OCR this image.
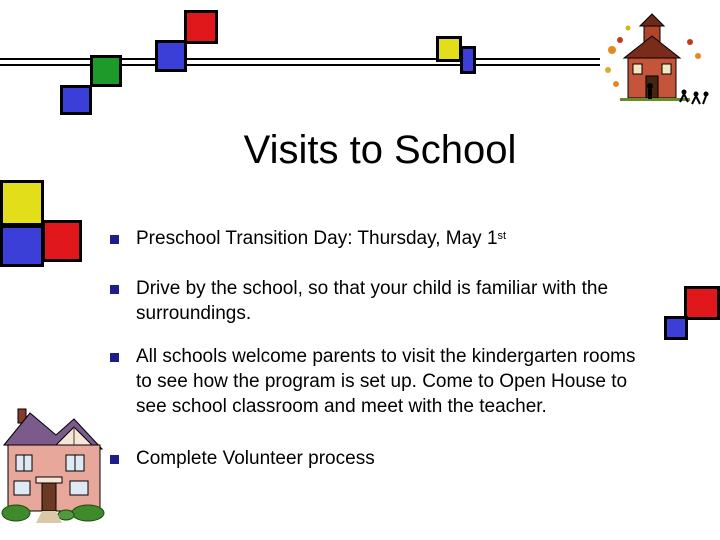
Visits to School
Preschool Transition Day: Thursday, May 1st
Drive by the school, so that your child is familiar with the surroundings.
All schools welcome parents to visit the kindergarten rooms to see how the program is set up. Come to Open House to see school classroom and meet with the teacher.
Complete Volunteer process
